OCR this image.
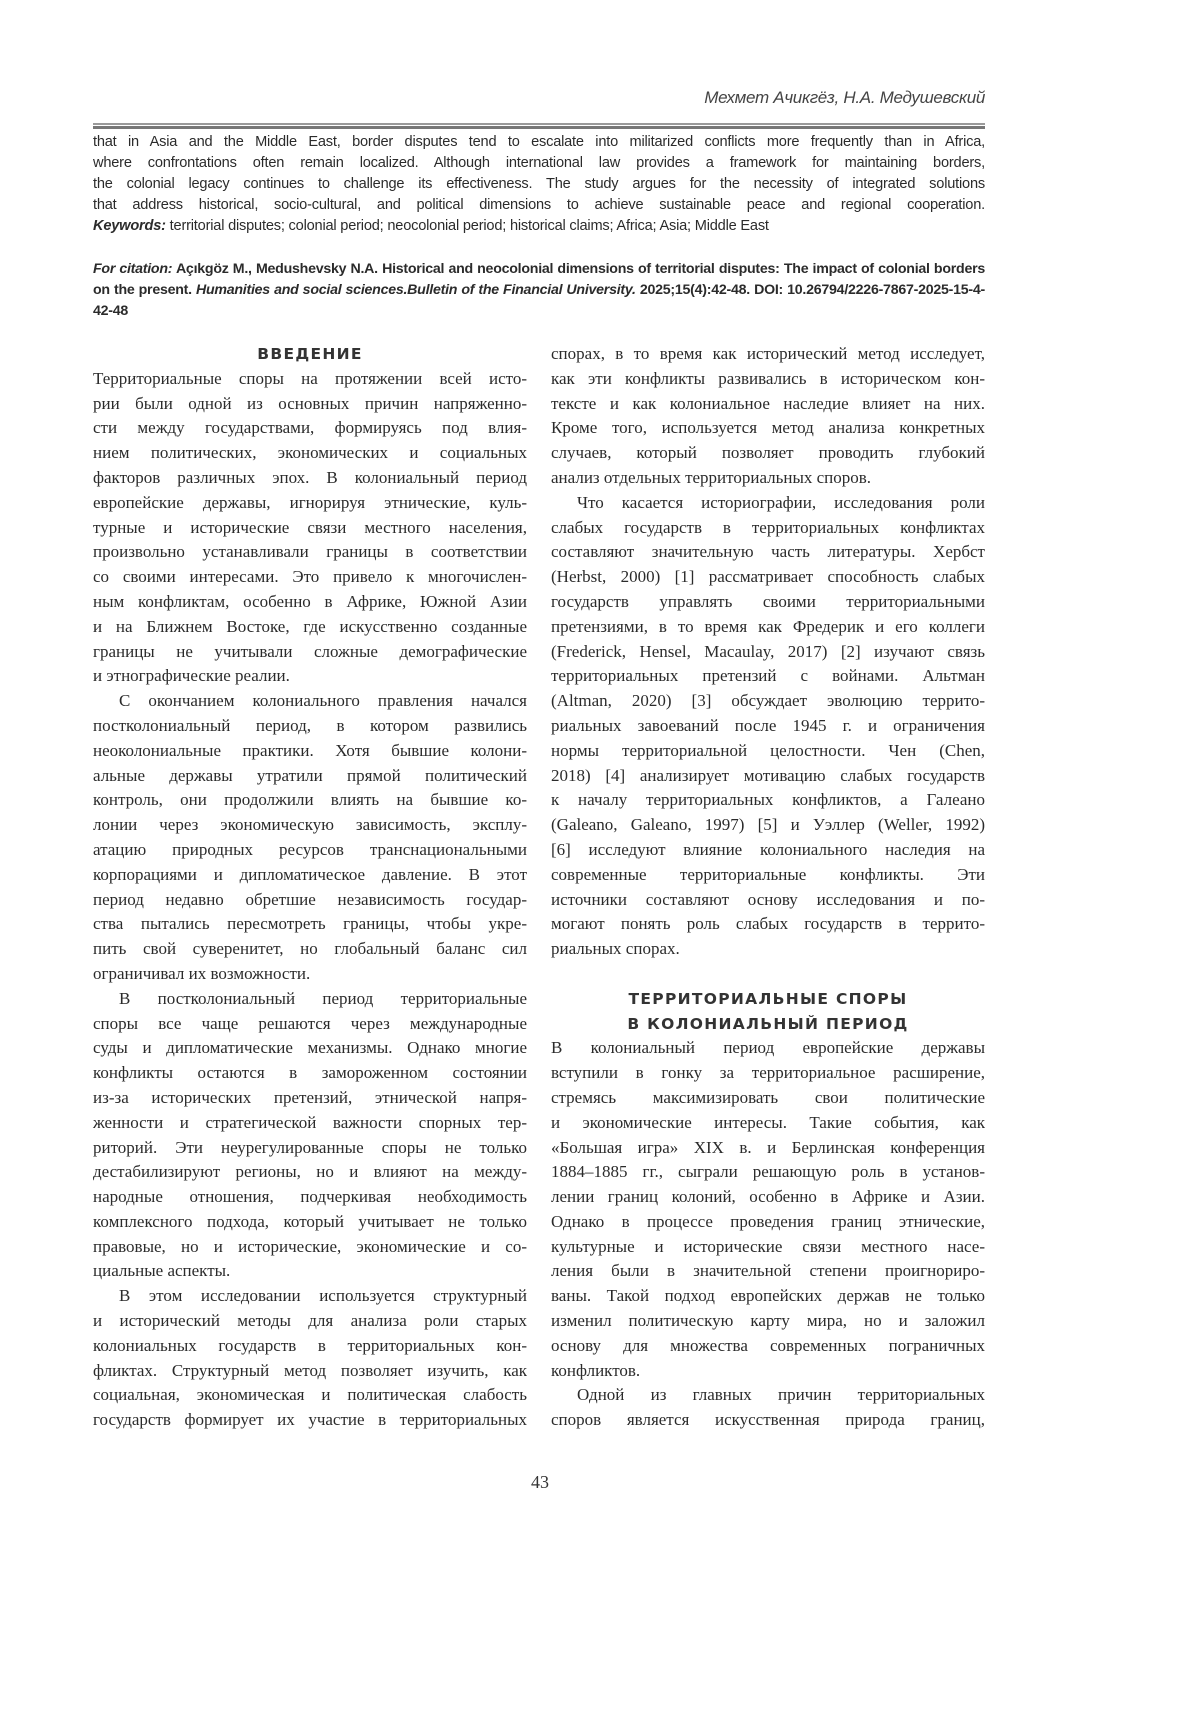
Мехмет Ачикгёз, Н.А. Медушевский
that in Asia and the Middle East, border disputes tend to escalate into militarized conflicts more frequently than in Africa,
where confrontations often remain localized. Although international law provides a framework for maintaining borders,
the colonial legacy continues to challenge its effectiveness. The study argues for the necessity of integrated solutions
that address historical, socio-cultural, and political dimensions to achieve sustainable peace and regional cooperation.
Keywords: territorial disputes; colonial period; neocolonial period; historical claims; Africa; Asia; Middle East
For citation: Açıkgöz M., Medushevsky N.A. Historical and neocolonial dimensions of territorial disputes: The impact of colonial borders on the present. Humanities and social sciences.Bulletin of the Financial University. 2025;15(4):42-48. DOI: 10.26794/2226-7867-2025-15-4-42-48
ВВЕДЕНИЕ
Территориальные споры на протяжении всей исто-
рии были одной из основных причин напряженно-
сти между государствами, формируясь под влия-
нием политических, экономических и социальных
факторов различных эпох. В колониальный период
европейские державы, игнорируя этнические, куль-
турные и исторические связи местного населения,
произвольно устанавливали границы в соответствии
со своими интересами. Это привело к многочислен-
ным конфликтам, особенно в Африке, Южной Азии
и на Ближнем Востоке, где искусственно созданные
границы не учитывали сложные демографические
и этнографические реалии.
С окончанием колониального правления начался
постколониальный период, в котором развились
неоколониальные практики. Хотя бывшие колони-
альные державы утратили прямой политический
контроль, они продолжили влиять на бывшие ко-
лонии через экономическую зависимость, эксплу-
атацию природных ресурсов транснациональными
корпорациями и дипломатическое давление. В этот
период недавно обретшие независимость государ-
ства пытались пересмотреть границы, чтобы укре-
пить свой суверенитет, но глобальный баланс сил
ограничивал их возможности.
В постколониальный период территориальные
споры все чаще решаются через международные
суды и дипломатические механизмы. Однако многие
конфликты остаются в замороженном состоянии
из-за исторических претензий, этнической напря-
женности и стратегической важности спорных тер-
риторий. Эти неурегулированные споры не только
дестабилизируют регионы, но и влияют на между-
народные отношения, подчеркивая необходимость
комплексного подхода, который учитывает не только
правовые, но и исторические, экономические и со-
циальные аспекты.
В этом исследовании используется структурный
и исторический методы для анализа роли старых
колониальных государств в территориальных кон-
фликтах. Структурный метод позволяет изучить, как
социальная, экономическая и политическая слабость
государств формирует их участие в территориальных
спорах, в то время как исторический метод исследует,
как эти конфликты развивались в историческом кон-
тексте и как колониальное наследие влияет на них.
Кроме того, используется метод анализа конкретных
случаев, который позволяет проводить глубокий
анализ отдельных территориальных споров.
Что касается историографии, исследования роли
слабых государств в территориальных конфликтах
составляют значительную часть литературы. Хербст
(Herbst, 2000) [1] рассматривает способность слабых
государств управлять своими территориальными
претензиями, в то время как Фредерик и его коллеги
(Frederick, Hensel, Macaulay, 2017) [2] изучают связь
территориальных претензий с войнами. Альтман
(Altman, 2020) [3] обсуждает эволюцию террито-
риальных завоеваний после 1945 г. и ограничения
нормы территориальной целостности. Чен (Chen,
2018) [4] анализирует мотивацию слабых государств
к началу территориальных конфликтов, а Галеано
(Galeano, Galeano, 1997) [5] и Уэллер (Weller, 1992)
[6] исследуют влияние колониального наследия на
современные территориальные конфликты. Эти
источники составляют основу исследования и по-
могают понять роль слабых государств в террито-
риальных спорах.
ТЕРРИТОРИАЛЬНЫЕ СПОРЫ
В КОЛОНИАЛЬНЫЙ ПЕРИОД
В колониальный период европейские державы
вступили в гонку за территориальное расширение,
стремясь максимизировать свои политические
и экономические интересы. Такие события, как
«Большая игра» XIX в. и Берлинская конференция
1884–1885 гг., сыграли решающую роль в установ-
лении границ колоний, особенно в Африке и Азии.
Однако в процессе проведения границ этнические,
культурные и исторические связи местного насе-
ления были в значительной степени проигнориро-
ваны. Такой подход европейских держав не только
изменил политическую карту мира, но и заложил
основу для множества современных пограничных
конфликтов.
Одной из главных причин территориальных
споров является искусственная природа границ,
43
